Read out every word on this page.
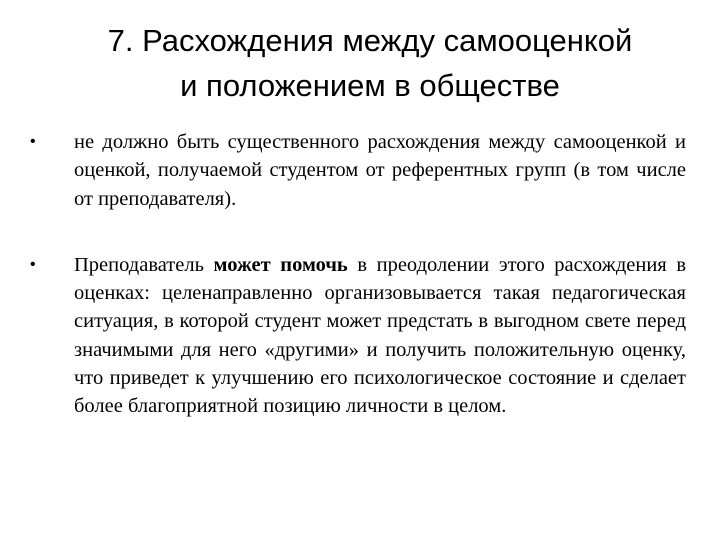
7. Расхождения между самооценкой
и положением в обществе
• не должно быть существенного расхождения между самооценкой и оценкой, получаемой студентом от референтных групп (в том числе от преподавателя).
• Преподаватель может помочь в преодолении этого расхождения в оценках: целенаправленно организовывается такая педагогическая ситуация, в которой студент может предстать в выгодном свете перед значимыми для него «другими» и получить положительную оценку, что приведет к улучшению его психологическое состояние и сделает более благоприятной позицию личности в целом.
